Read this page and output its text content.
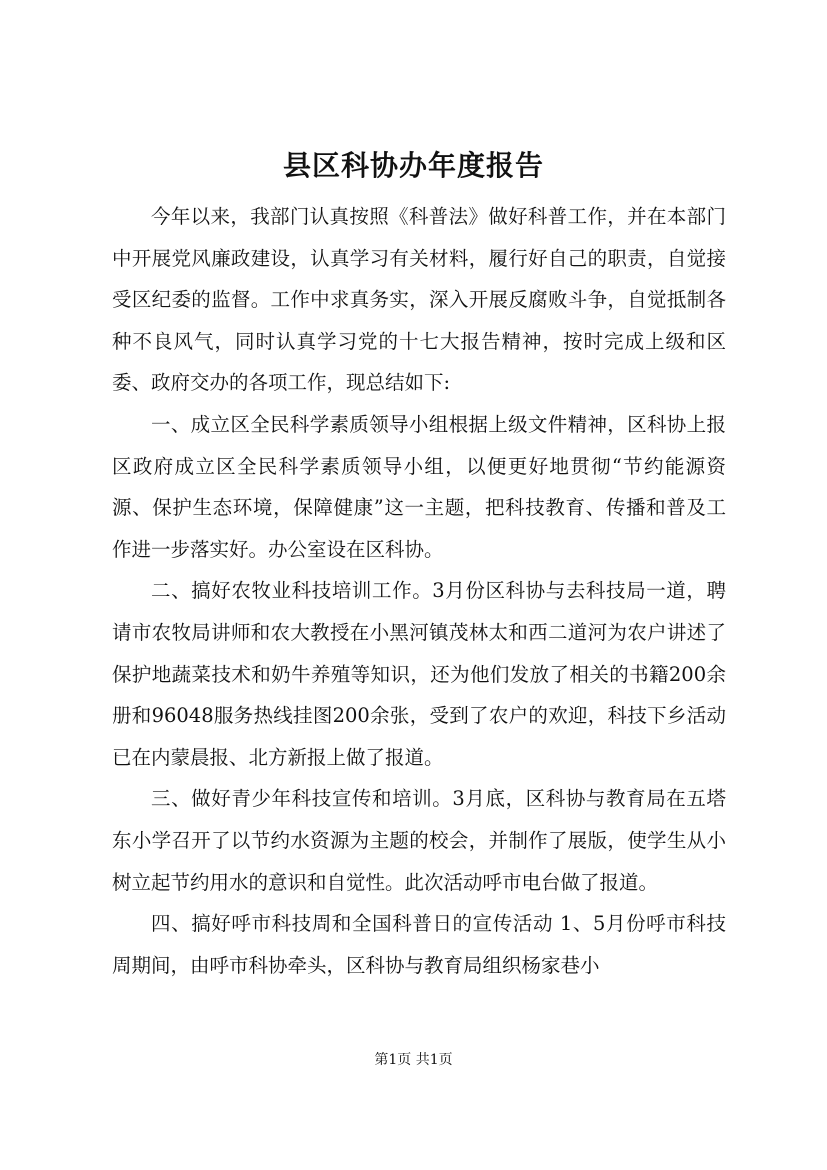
县区科协办年度报告

今年以来，我部门认真按照《科普法》做好科普工作，并在本部门中开展党风廉政建设，认真学习有关材料，履行好自己的职责，自觉接受区纪委的监督。工作中求真务实，深入开展反腐败斗争，自觉抵制各种不良风气，同时认真学习党的十七大报告精神，按时完成上级和区委、政府交办的各项工作，现总结如下:

一、成立区全民科学素质领导小组根据上级文件精神，区科协上报区政府成立区全民科学素质领导小组，以便更好地贯彻“节约能源资源、保护生态环境，保障健康”这一主题，把科技教育、传播和普及工作进一步落实好。办公室设在区科协。

二、搞好农牧业科技培训工作。3月份区科协与去科技局一道，聘请市农牧局讲师和农大教授在小黑河镇茂林太和西二道河为农户讲述了保护地蔬菜技术和奶牛养殖等知识，还为他们发放了相关的书籍200余册和96048服务热线挂图200余张，受到了农户的欢迎，科技下乡活动已在内蒙晨报、北方新报上做了报道。

三、做好青少年科技宣传和培训。3月底，区科协与教育局在五塔东小学召开了以节约水资源为主题的校会，并制作了展版，使学生从小树立起节约用水的意识和自觉性。此次活动呼市电台做了报道。

四、搞好呼市科技周和全国科普日的宣传活动 1、5月份呼市科技周期间，由呼市科协牵头，区科协与教育局组织杨家巷小

第1页 共1页
